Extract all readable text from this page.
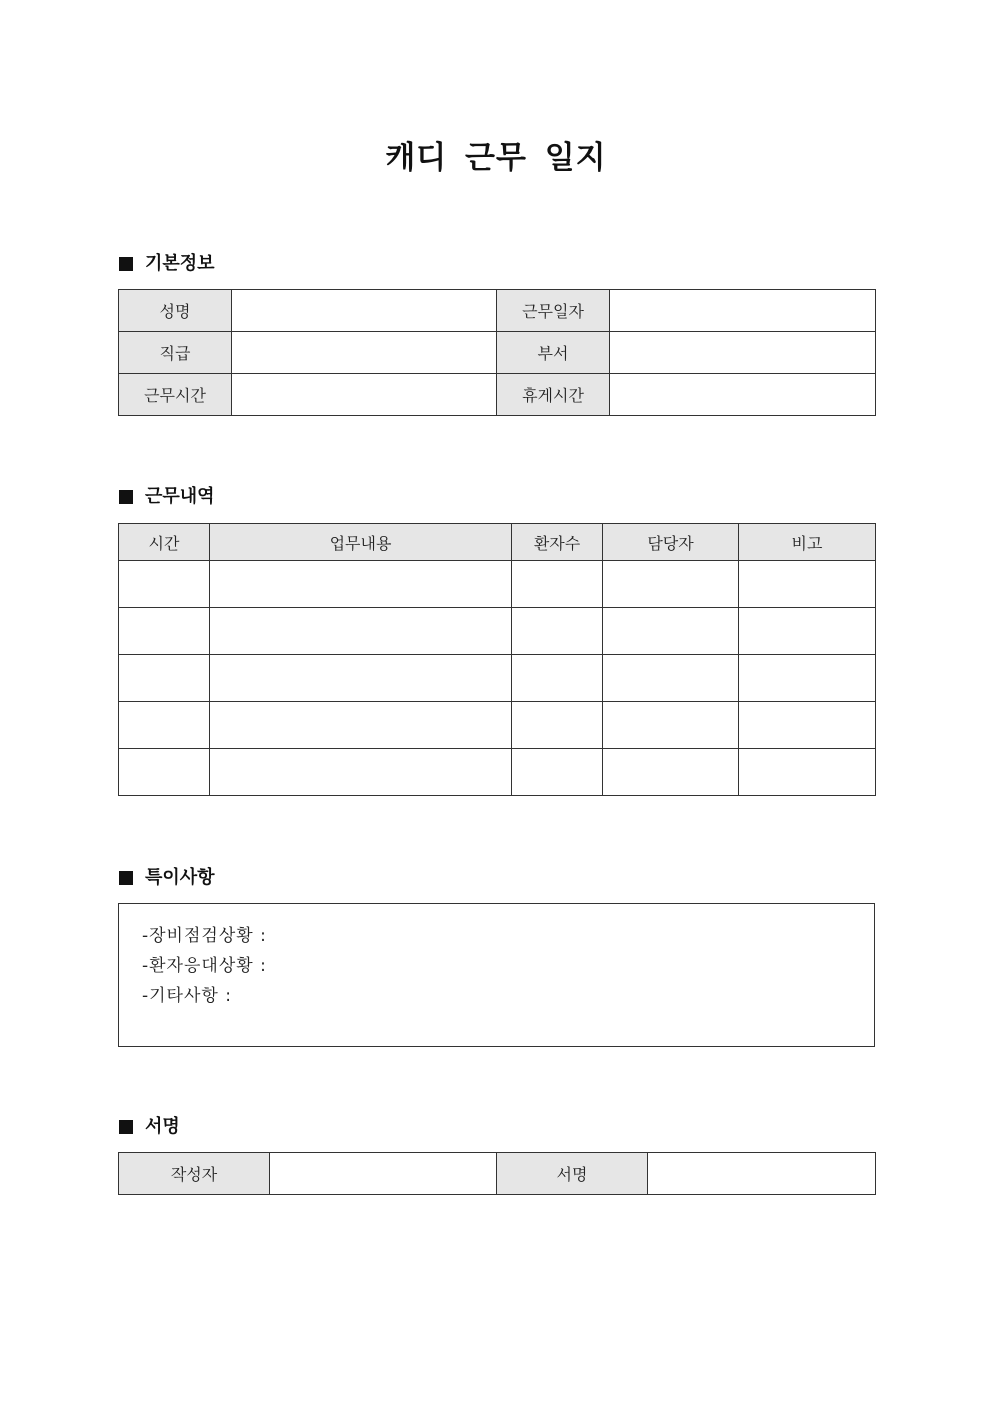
캐디 근무 일지
기본정보
성명		근무일자	
직급		부서	
근무시간		휴게시간	
근무내역
시간	업무내용	환자수	담당자	비고

특이사항
-장비점검상황 :
-환자응대상황 :
-기타사항 :
서명
작성자		서명	
